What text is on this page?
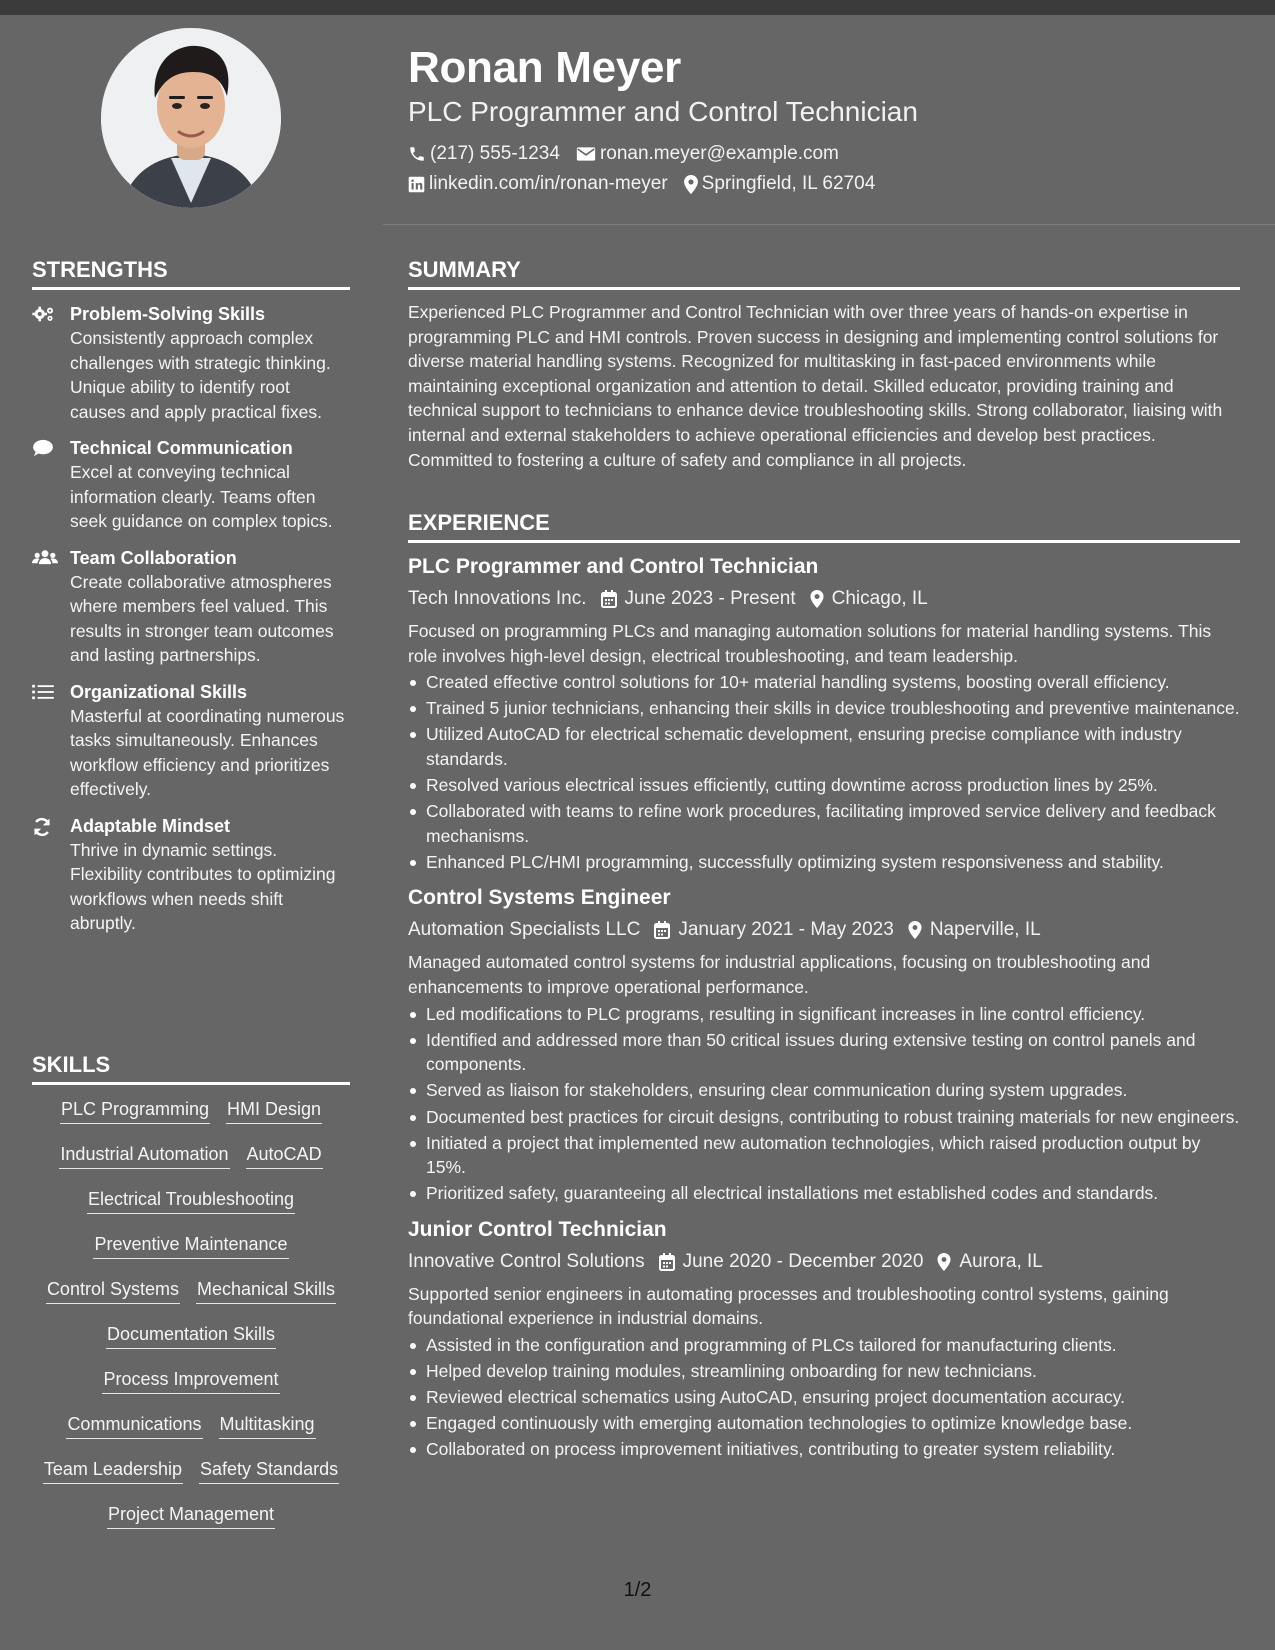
Ronan Meyer
PLC Programmer and Control Technician
(217) 555-1234 ronan.meyer@example.com
linkedin.com/in/ronan-meyer Springfield, IL 62704
STRENGTHS
Problem-Solving Skills
Consistently approach complex challenges with strategic thinking. Unique ability to identify root causes and apply practical fixes.
Technical Communication
Excel at conveying technical information clearly. Teams often seek guidance on complex topics.
Team Collaboration
Create collaborative atmospheres where members feel valued. This results in stronger team outcomes and lasting partnerships.
Organizational Skills
Masterful at coordinating numerous tasks simultaneously. Enhances workflow efficiency and prioritizes effectively.
Adaptable Mindset
Thrive in dynamic settings. Flexibility contributes to optimizing workflows when needs shift abruptly.
SKILLS
PLC Programming HMI Design
Industrial Automation AutoCAD
Electrical Troubleshooting
Preventive Maintenance
Control Systems Mechanical Skills
Documentation Skills
Process Improvement
Communications Multitasking
Team Leadership Safety Standards
Project Management
SUMMARY

Experienced PLC Programmer and Control Technician with over three years of hands-on expertise in programming PLC and HMI controls. Proven success in designing and implementing control solutions for diverse material handling systems. Recognized for multitasking in fast-paced environments while maintaining exceptional organization and attention to detail. Skilled educator, providing training and technical support to technicians to enhance device troubleshooting skills. Strong collaborator, liaising with internal and external stakeholders to achieve operational efficiencies and develop best practices. Committed to fostering a culture of safety and compliance in all projects.

EXPERIENCE
PLC Programmer and Control Technician
Tech Innovations Inc. June 2023 - Present Chicago, IL
Focused on programming PLCs and managing automation solutions for material handling systems. This role involves high-level design, electrical troubleshooting, and team leadership.
Created effective control solutions for 10+ material handling systems, boosting overall efficiency.
Trained 5 junior technicians, enhancing their skills in device troubleshooting and preventive maintenance.
Utilized AutoCAD for electrical schematic development, ensuring precise compliance with industry standards.
Resolved various electrical issues efficiently, cutting downtime across production lines by 25%.
Collaborated with teams to refine work procedures, facilitating improved service delivery and feedback mechanisms.
Enhanced PLC/HMI programming, successfully optimizing system responsiveness and stability.
Control Systems Engineer
Automation Specialists LLC January 2021 - May 2023 Naperville, IL
Managed automated control systems for industrial applications, focusing on troubleshooting and enhancements to improve operational performance.
Led modifications to PLC programs, resulting in significant increases in line control efficiency.
Identified and addressed more than 50 critical issues during extensive testing on control panels and components.
Served as liaison for stakeholders, ensuring clear communication during system upgrades.
Documented best practices for circuit designs, contributing to robust training materials for new engineers.
Initiated a project that implemented new automation technologies, which raised production output by 15%.
Prioritized safety, guaranteeing all electrical installations met established codes and standards.
Junior Control Technician
Innovative Control Solutions June 2020 - December 2020 Aurora, IL
Supported senior engineers in automating processes and troubleshooting control systems, gaining foundational experience in industrial domains.
Assisted in the configuration and programming of PLCs tailored for manufacturing clients.
Helped develop training modules, streamlining onboarding for new technicians.
Reviewed electrical schematics using AutoCAD, ensuring project documentation accuracy.
Engaged continuously with emerging automation technologies to optimize knowledge base.
Collaborated on process improvement initiatives, contributing to greater system reliability.
1/2
